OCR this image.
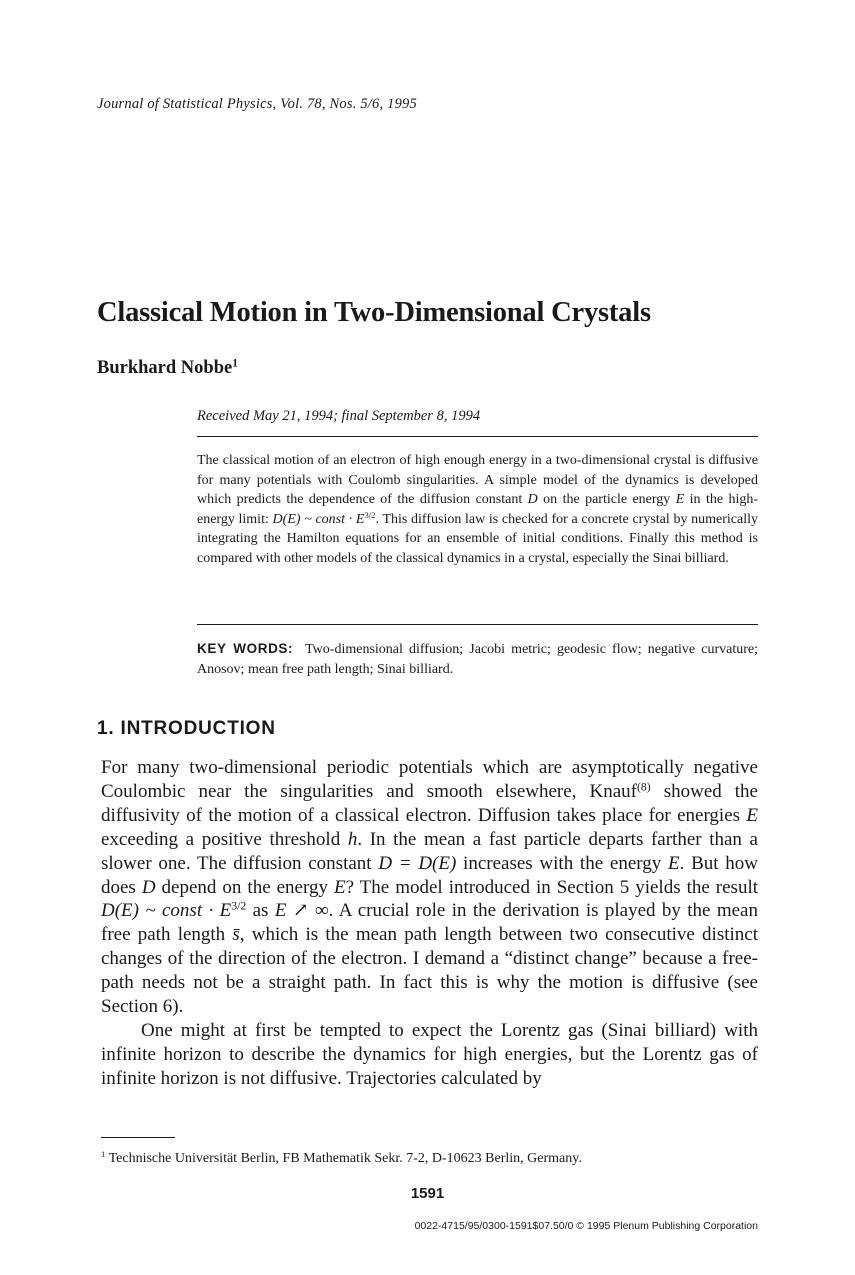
Journal of Statistical Physics, Vol. 78, Nos. 5/6, 1995
Classical Motion in Two-Dimensional Crystals
Burkhard Nobbe$^1$
Received May 21, 1994; final September 8, 1994
The classical motion of an electron of high enough energy in a two-dimensional crystal is diffusive for many potentials with Coulomb singularities. A simple model of the dynamics is developed which predicts the dependence of the diffusion constant D on the particle energy E in the high-energy limit: D(E) ~ const · $E^{3/2}$. This diffusion law is checked for a concrete crystal by numerically integrating the Hamilton equations for an ensemble of initial conditions. Finally this method is compared with other models of the classical dynamics in a crystal, especially the Sinai billiard.
KEY WORDS: Two-dimensional diffusion; Jacobi metric; geodesic flow; negative curvature; Anosov; mean free path length; Sinai billiard.
1. INTRODUCTION

For many two-dimensional periodic potentials which are asymptotically negative Coulombic near the singularities and smooth elsewhere, Knauf$^{(8)}$ showed the diffusivity of the motion of a classical electron. Diffusion takes place for energies E exceeding a positive threshold h. In the mean a fast particle departs farther than a slower one. The diffusion constant D = D(E) increases with the energy E. But how does D depend on the energy E? The model introduced in Section 5 yields the result D(E) ~ const · $E^{3/2}$ as E ↗ ∞. A crucial role in the derivation is played by the mean free path length s̄, which is the mean path length between two consecutive distinct changes of the direction of the electron. I demand a “distinct change” because a free-path needs not be a straight path. In fact this is why the motion is diffusive (see Section 6).

One might at first be tempted to expect the Lorentz gas (Sinai billiard) with infinite horizon to describe the dynamics for high energies, but the Lorentz gas of infinite horizon is not diffusive. Trajectories calculated by

$^1$ Technische Universität Berlin, FB Mathematik Sekr. 7-2, D-10623 Berlin, Germany.
1591
0022-4715/95/0300-1591$07.50/0 © 1995 Plenum Publishing Corporation
